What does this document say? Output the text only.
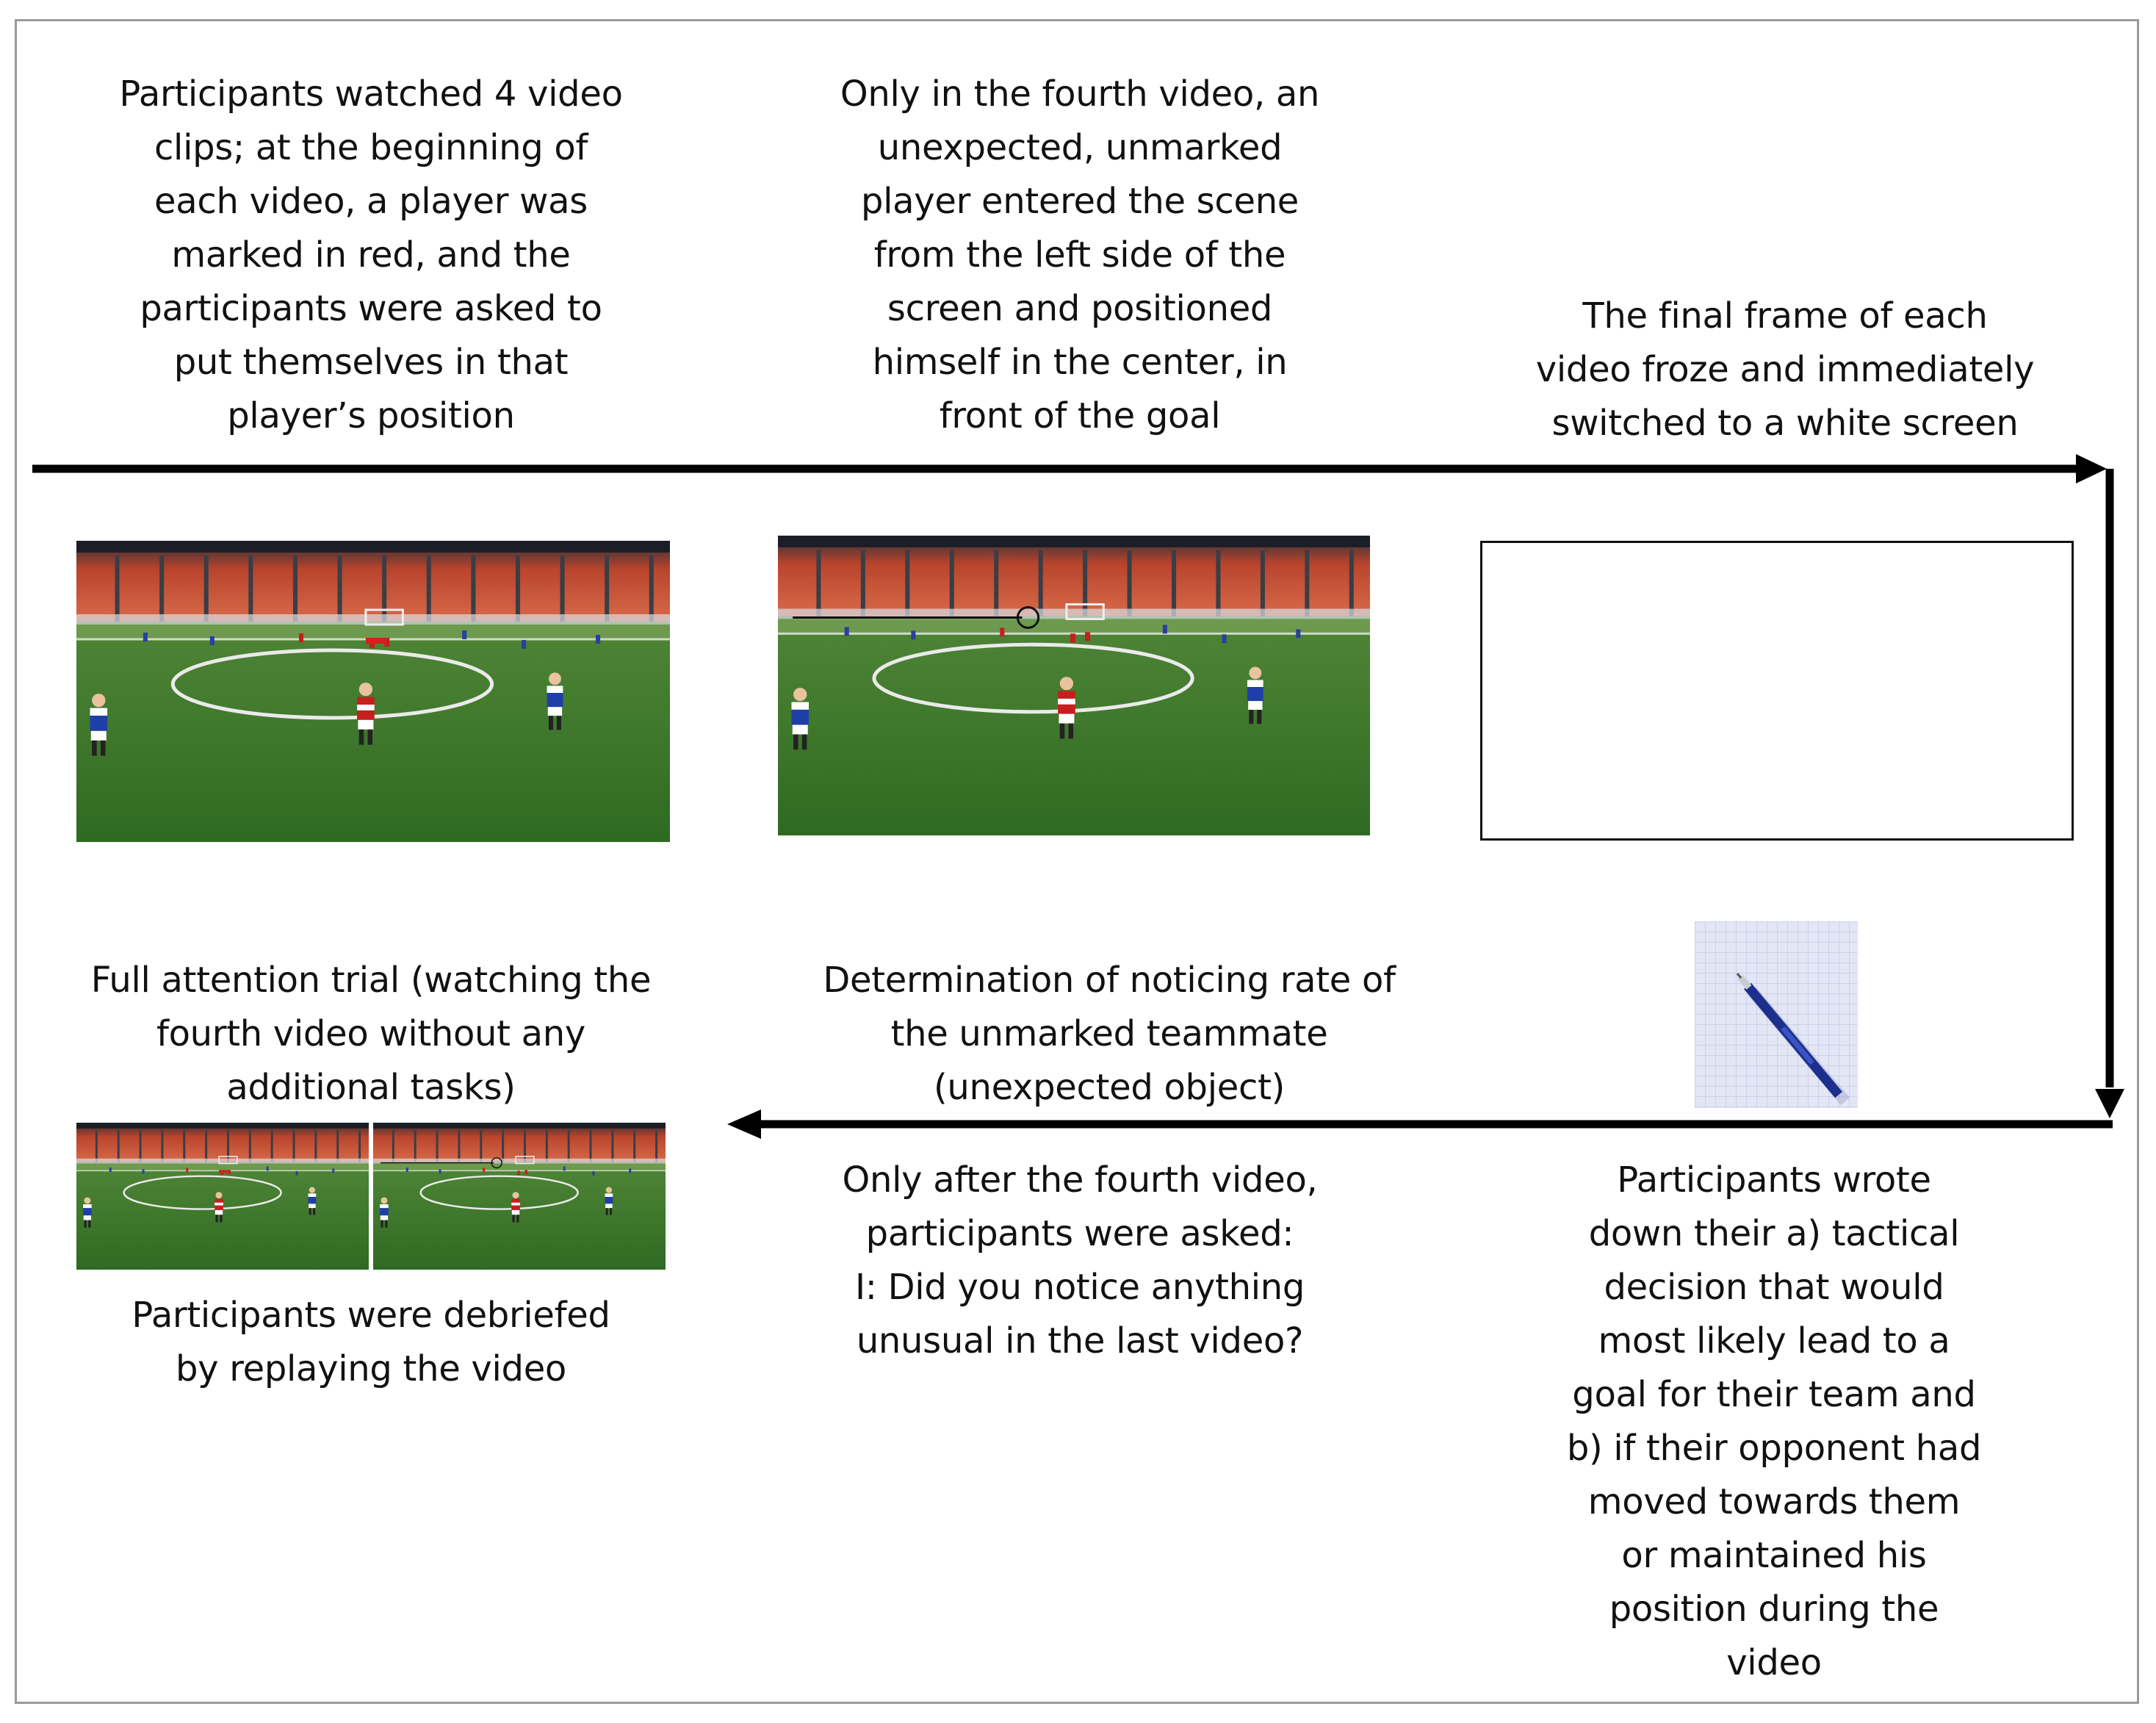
Participants watched 4 video
clips; at the beginning of
each video, a player was
marked in red, and the
participants were asked to
put themselves in that
player’s position
Only in the fourth video, an
unexpected, unmarked
player entered the scene
from the left side of the
screen and positioned
himself in the center, in
front of the goal
The final frame of each
video froze and immediately
switched to a white screen
Participants wrote
down their a) tactical
decision that would
most likely lead to a
goal for their team and
b) if their opponent had
moved towards them
or maintained his
position during the
video
Determination of noticing rate of
the unmarked teammate
(unexpected object)
Only after the fourth video,
participants were asked:
I: Did you notice anything
unusual in the last video?
Full attention trial (watching the
fourth video without any
additional tasks)
Participants were debriefed
by replaying the video
